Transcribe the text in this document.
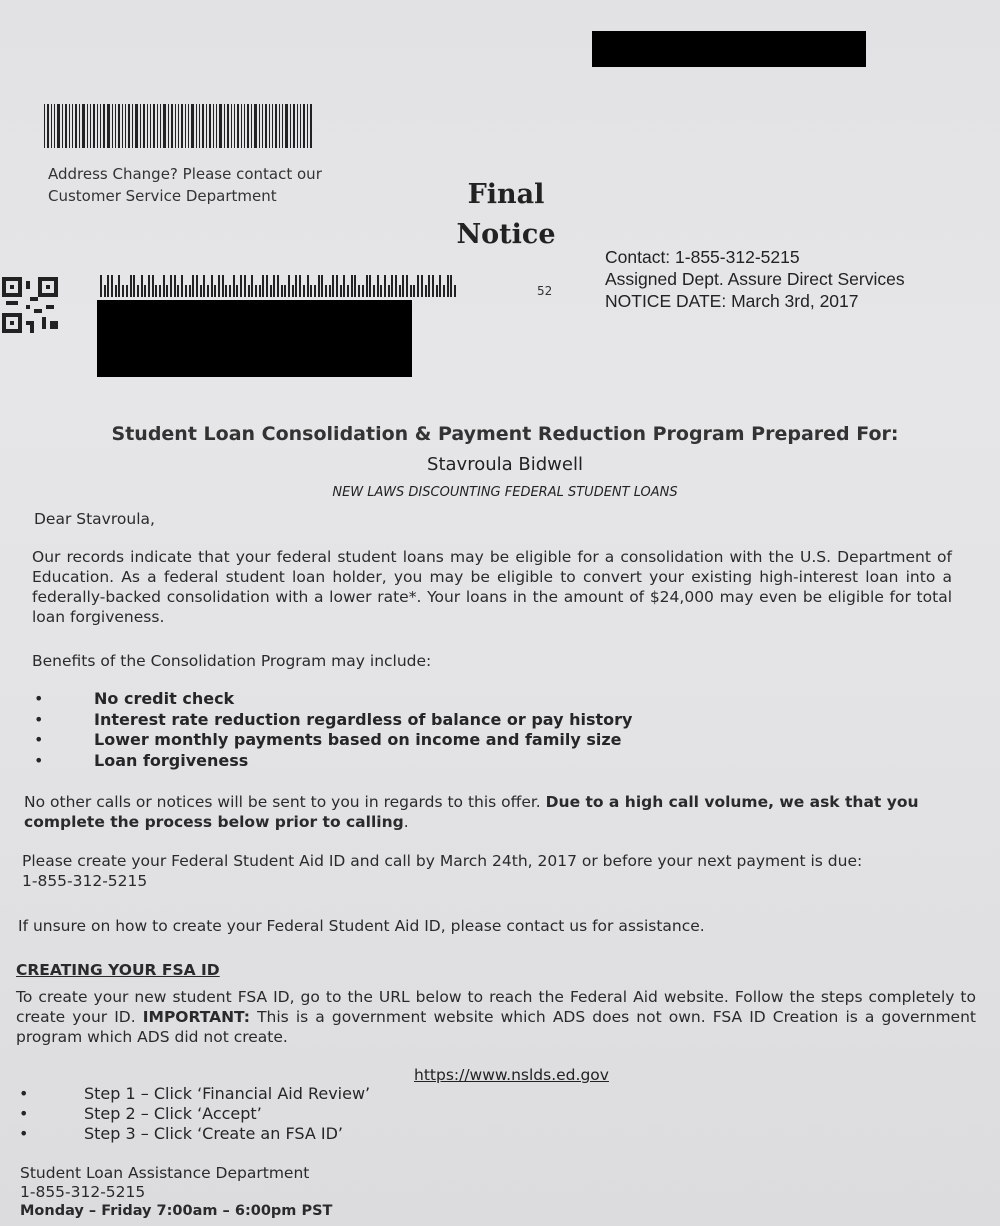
Address Change? Please contact our
Customer Service Department	Final
Notice
Contact: 1-855-312-5215
Assigned Dept. Assure Direct Services
NOTICE DATE: March 3rd, 2017
52
Student Loan Consolidation & Payment Reduction Program Prepared For:
Stavroula Bidwell
NEW LAWS DISCOUNTING FEDERAL STUDENT LOANS
Dear Stavroula,
Our records indicate that your federal student loans may be eligible for a consolidation with the U.S. Department of Education. As a federal student loan holder, you may be eligible to convert your existing high-interest loan into a federally-backed consolidation with a lower rate*. Your loans in the amount of $24,000 may even be eligible for total loan forgiveness.
Benefits of the Consolidation Program may include:
•	No credit check
•	Interest rate reduction regardless of balance or pay history
•	Lower monthly payments based on income and family size
•	Loan forgiveness
No other calls or notices will be sent to you in regards to this offer. Due to a high call volume, we ask that you complete the process below prior to calling.
Please create your Federal Student Aid ID and call by March 24th, 2017 or before your next payment is due:
1-855-312-5215
If unsure on how to create your Federal Student Aid ID, please contact us for assistance.
CREATING YOUR FSA ID
To create your new student FSA ID, go to the URL below to reach the Federal Aid website. Follow the steps completely to create your ID. IMPORTANT: This is a government website which ADS does not own. FSA ID Creation is a government program which ADS did not create.
https://www.nslds.ed.gov
•	Step 1 – Click ‘Financial Aid Review’
•	Step 2 – Click ‘Accept’
•	Step 3 – Click ‘Create an FSA ID’
Student Loan Assistance Department
1-855-312-5215
Monday – Friday 7:00am – 6:00pm PST
